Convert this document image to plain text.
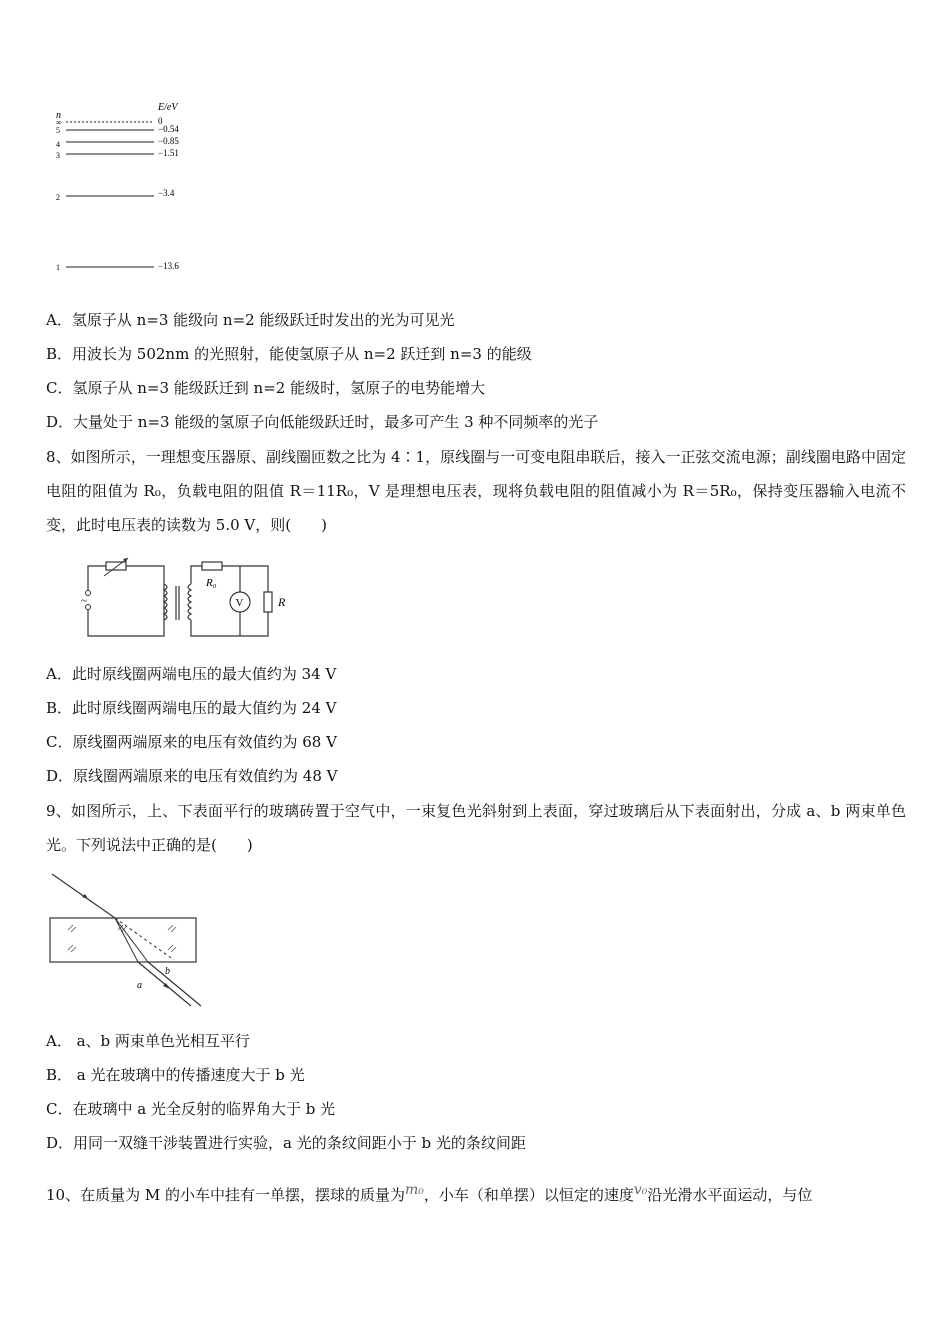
n
E/eV
∞	0
5	−0.54
4	−0.85
3	−1.51
2	−3.4
1	−13.6
A．氢原子从 n=3 能级向 n=2 能级跃迁时发出的光为可见光
B．用波长为 502nm 的光照射，能使氢原子从 n=2 跃迁到 n=3 的能级
C．氢原子从 n=3 能级跃迁到 n=2 能级时，氢原子的电势能增大
D．大量处于 n=3 能级的氢原子向低能级跃迁时，最多可产生 3 种不同频率的光子
8、如图所示，一理想变压器原、副线圈匝数之比为 4∶1，原线圈与一可变电阻串联后，接入一正弦交流电源；副线圈电路中固定电阻的阻值为 R₀，负载电阻的阻值 R＝11R₀，V 是理想电压表，现将负载电阻的阻值减小为 R＝5R₀，保持变压器输入电流不变，此时电压表的读数为 5.0 V，则(　　)
~
R₀
V	R
A．此时原线圈两端电压的最大值约为 34 V
B．此时原线圈两端电压的最大值约为 24 V
C．原线圈两端原来的电压有效值约为 68 V
D．原线圈两端原来的电压有效值约为 48 V
9、如图所示，上、下表面平行的玻璃砖置于空气中，一束复色光斜射到上表面，穿过玻璃后从下表面射出，分成 a、b 两束单色光。下列说法中正确的是(　　)
a
b
A． a、b 两束单色光相互平行
B． a 光在玻璃中的传播速度大于 b 光
C．在玻璃中 a 光全反射的临界角大于 b 光
D．用同一双缝干涉装置进行实验，a 光的条纹间距小于 b 光的条纹间距
10、在质量为 M 的小车中挂有一单摆，摆球的质量为m₀，小车（和单摆）以恒定的速度v₀沿光滑水平面运动，与位
